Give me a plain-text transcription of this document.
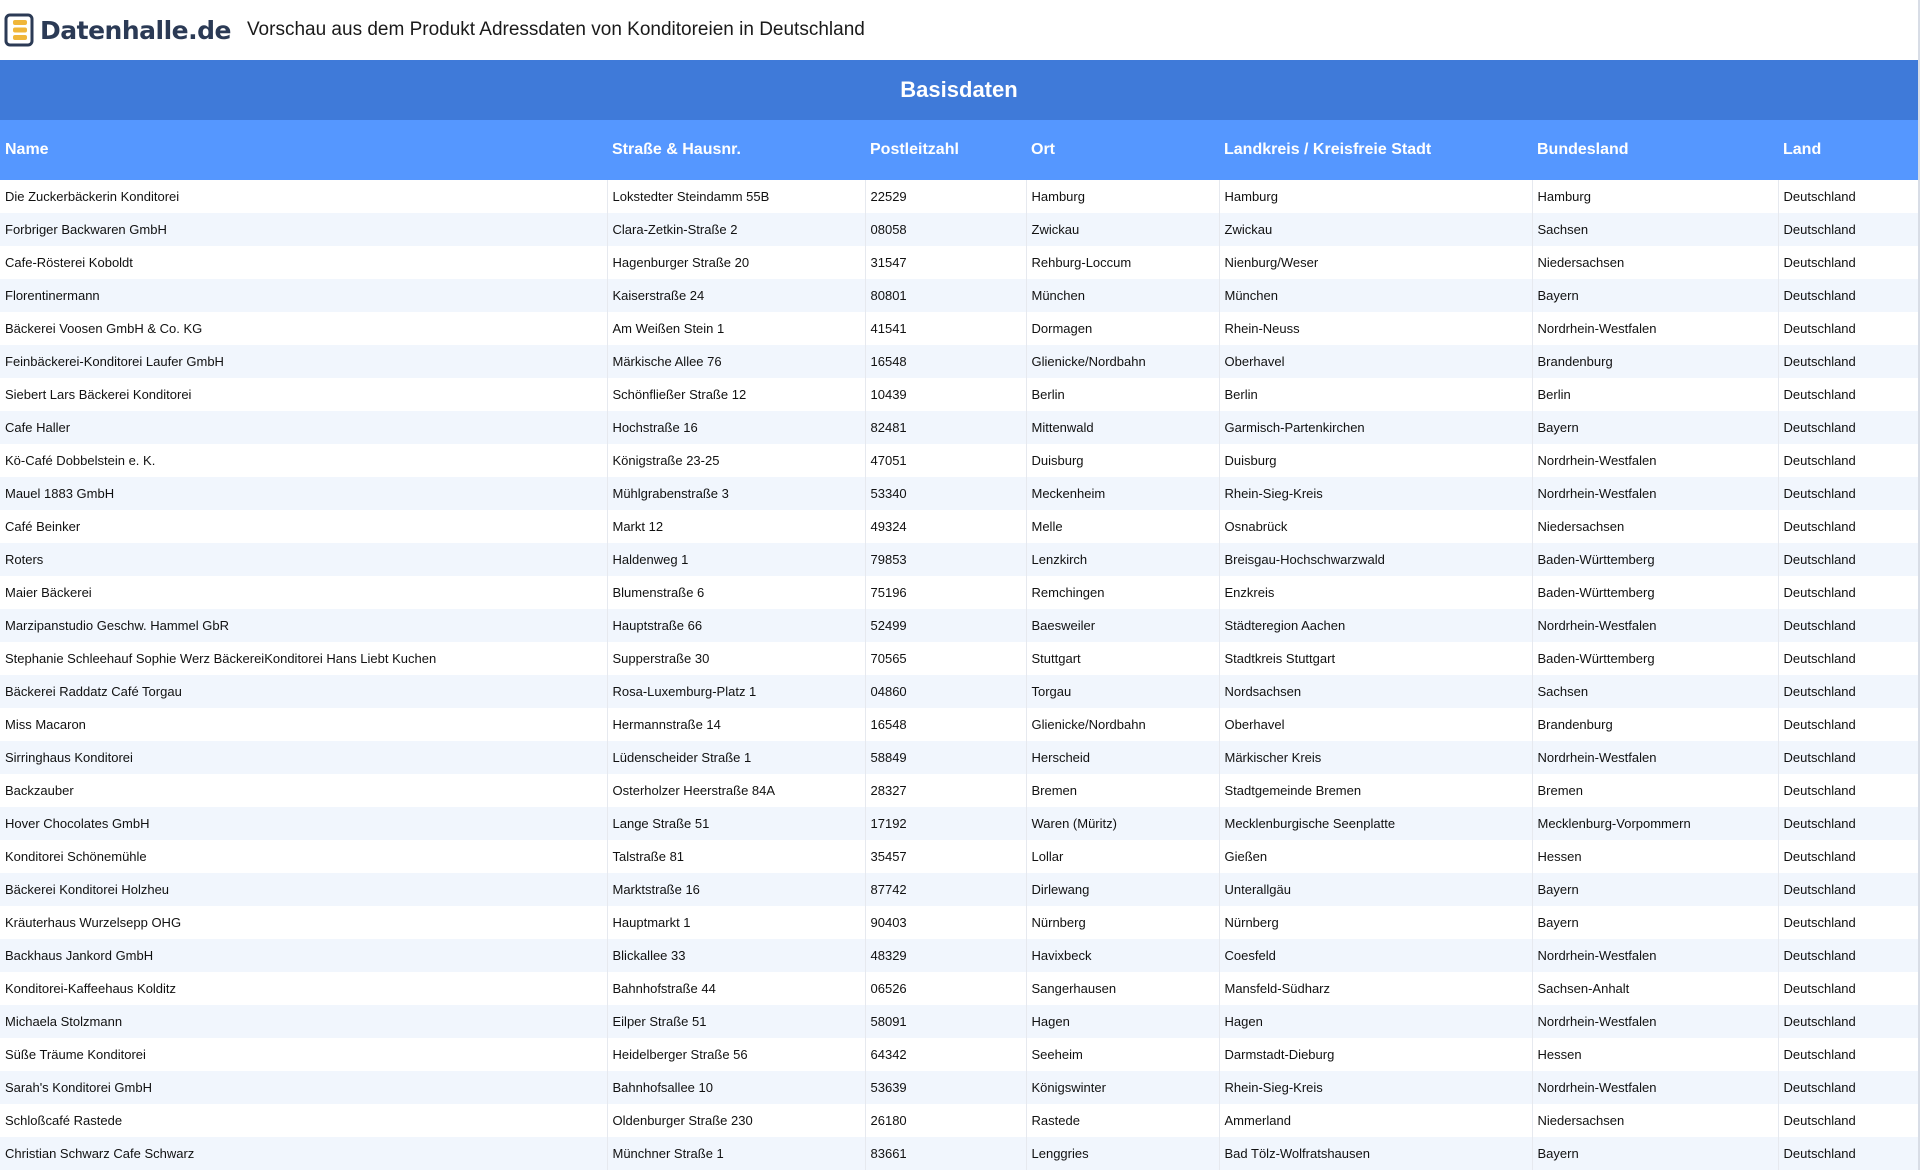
Datenhalle.de Vorschau aus dem Produkt Adressdaten von Konditoreien in Deutschland
Basisdaten
Name	Straße & Hausnr.	Postleitzahl	Ort	Landkreis / Kreisfreie Stadt	Bundesland	Land
Die Zuckerbäckerin Konditorei	Lokstedter Steindamm 55B	22529	Hamburg	Hamburg	Hamburg	Deutschland
Forbriger Backwaren GmbH	Clara-Zetkin-Straße 2	08058	Zwickau	Zwickau	Sachsen	Deutschland
Cafe-Rösterei Koboldt	Hagenburger Straße 20	31547	Rehburg-Loccum	Nienburg/Weser	Niedersachsen	Deutschland
Florentinermann	Kaiserstraße 24	80801	München	München	Bayern	Deutschland
Bäckerei Voosen GmbH & Co. KG	Am Weißen Stein 1	41541	Dormagen	Rhein-Neuss	Nordrhein-Westfalen	Deutschland
Feinbäckerei-Konditorei Laufer GmbH	Märkische Allee 76	16548	Glienicke/Nordbahn	Oberhavel	Brandenburg	Deutschland
Siebert Lars Bäckerei Konditorei	Schönfließer Straße 12	10439	Berlin	Berlin	Berlin	Deutschland
Cafe Haller	Hochstraße 16	82481	Mittenwald	Garmisch-Partenkirchen	Bayern	Deutschland
Kö-Café Dobbelstein e. K.	Königstraße 23-25	47051	Duisburg	Duisburg	Nordrhein-Westfalen	Deutschland
Mauel 1883 GmbH	Mühlgrabenstraße 3	53340	Meckenheim	Rhein-Sieg-Kreis	Nordrhein-Westfalen	Deutschland
Café Beinker	Markt 12	49324	Melle	Osnabrück	Niedersachsen	Deutschland
Roters	Haldenweg 1	79853	Lenzkirch	Breisgau-Hochschwarzwald	Baden-Württemberg	Deutschland
Maier Bäckerei	Blumenstraße 6	75196	Remchingen	Enzkreis	Baden-Württemberg	Deutschland
Marzipanstudio Geschw. Hammel GbR	Hauptstraße 66	52499	Baesweiler	Städteregion Aachen	Nordrhein-Westfalen	Deutschland
Stephanie Schleehauf Sophie Werz BäckereiKonditorei Hans Liebt Kuchen	Supperstraße 30	70565	Stuttgart	Stadtkreis Stuttgart	Baden-Württemberg	Deutschland
Bäckerei Raddatz Café Torgau	Rosa-Luxemburg-Platz 1	04860	Torgau	Nordsachsen	Sachsen	Deutschland
Miss Macaron	Hermannstraße 14	16548	Glienicke/Nordbahn	Oberhavel	Brandenburg	Deutschland
Sirringhaus Konditorei	Lüdenscheider Straße 1	58849	Herscheid	Märkischer Kreis	Nordrhein-Westfalen	Deutschland
Backzauber	Osterholzer Heerstraße 84A	28327	Bremen	Stadtgemeinde Bremen	Bremen	Deutschland
Hover Chocolates GmbH	Lange Straße 51	17192	Waren (Müritz)	Mecklenburgische Seenplatte	Mecklenburg-Vorpommern	Deutschland
Konditorei Schönemühle	Talstraße 81	35457	Lollar	Gießen	Hessen	Deutschland
Bäckerei Konditorei Holzheu	Marktstraße 16	87742	Dirlewang	Unterallgäu	Bayern	Deutschland
Kräuterhaus Wurzelsepp OHG	Hauptmarkt 1	90403	Nürnberg	Nürnberg	Bayern	Deutschland
Backhaus Jankord GmbH	Blickallee 33	48329	Havixbeck	Coesfeld	Nordrhein-Westfalen	Deutschland
Konditorei-Kaffeehaus Kolditz	Bahnhofstraße 44	06526	Sangerhausen	Mansfeld-Südharz	Sachsen-Anhalt	Deutschland
Michaela Stolzmann	Eilper Straße 51	58091	Hagen	Hagen	Nordrhein-Westfalen	Deutschland
Süße Träume Konditorei	Heidelberger Straße 56	64342	Seeheim	Darmstadt-Dieburg	Hessen	Deutschland
Sarah's Konditorei GmbH	Bahnhofsallee 10	53639	Königswinter	Rhein-Sieg-Kreis	Nordrhein-Westfalen	Deutschland
Schloßcafé Rastede	Oldenburger Straße 230	26180	Rastede	Ammerland	Niedersachsen	Deutschland
Christian Schwarz Cafe Schwarz	Münchner Straße 1	83661	Lenggries	Bad Tölz-Wolfratshausen	Bayern	Deutschland
